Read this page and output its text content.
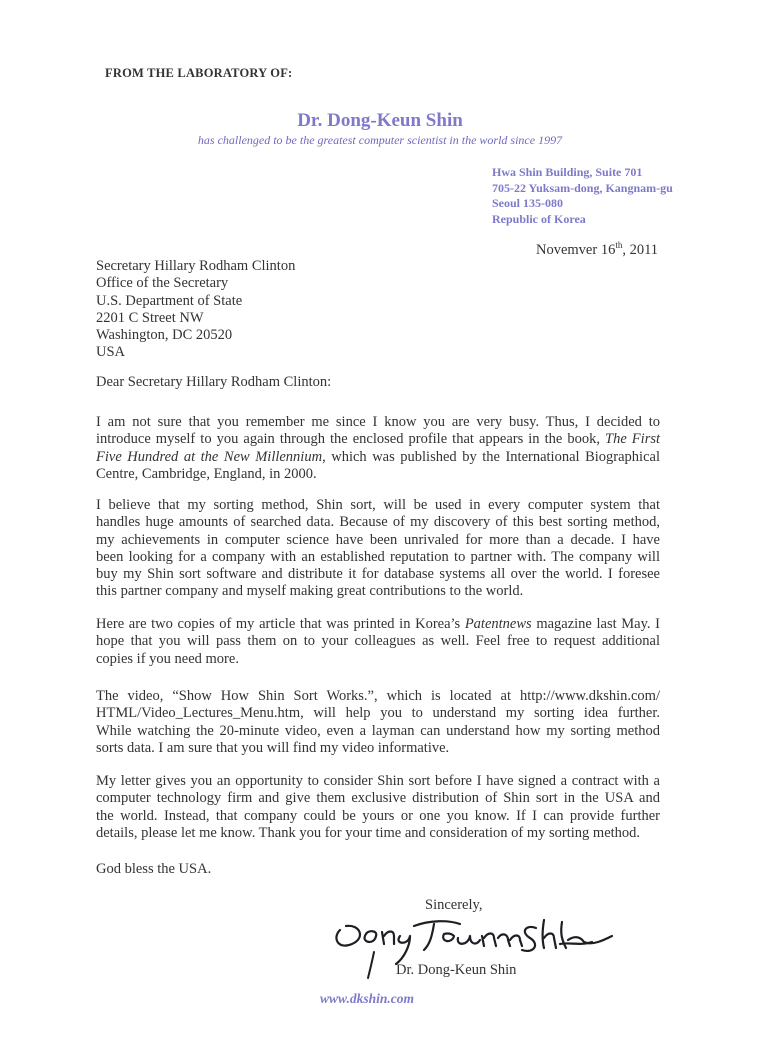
FROM THE LABORATORY OF:
Dr. Dong-Keun Shin
has challenged to be the greatest computer scientist in the world since 1997
Hwa Shin Building, Suite 701
705-22 Yuksam-dong, Kangnam-gu
Seoul 135-080
Republic of Korea
Novemver 16th, 2011
Secretary Hillary Rodham Clinton
Office of the Secretary
U.S. Department of State
2201 C Street NW
Washington, DC 20520
USA
Dear Secretary Hillary Rodham Clinton:
I am not sure that you remember me since I know you are very busy. Thus, I decided to
introduce myself to you again through the enclosed profile that appears in the book, The First
Five Hundred at the New Millennium, which was published by the International Biographical
Centre, Cambridge, England, in 2000.
I believe that my sorting method, Shin sort, will be used in every computer system that
handles huge amounts of searched data. Because of my discovery of this best sorting method,
my achievements in computer science have been unrivaled for more than a decade. I have
been looking for a company with an established reputation to partner with. The company will
buy my Shin sort software and distribute it for database systems all over the world. I foresee
this partner company and myself making great contributions to the world.
Here are two copies of my article that was printed in Korea’s Patentnews magazine last May. I
hope that you will pass them on to your colleagues as well. Feel free to request additional
copies if you need more.
The video, “Show How Shin Sort Works.”, which is located at http://www.dkshin.com/
HTML/Video_Lectures_Menu.htm, will help you to understand my sorting idea further.
While watching the 20-minute video, even a layman can understand how my sorting method
sorts data. I am sure that you will find my video informative.
My letter gives you an opportunity to consider Shin sort before I have signed a contract with a
computer technology firm and give them exclusive distribution of Shin sort in the USA and
the world. Instead, that company could be yours or one you know. If I can provide further
details, please let me know. Thank you for your time and consideration of my sorting method.
God bless the USA.
Sincerely,
Dr. Dong-Keun Shin
www.dkshin.com
